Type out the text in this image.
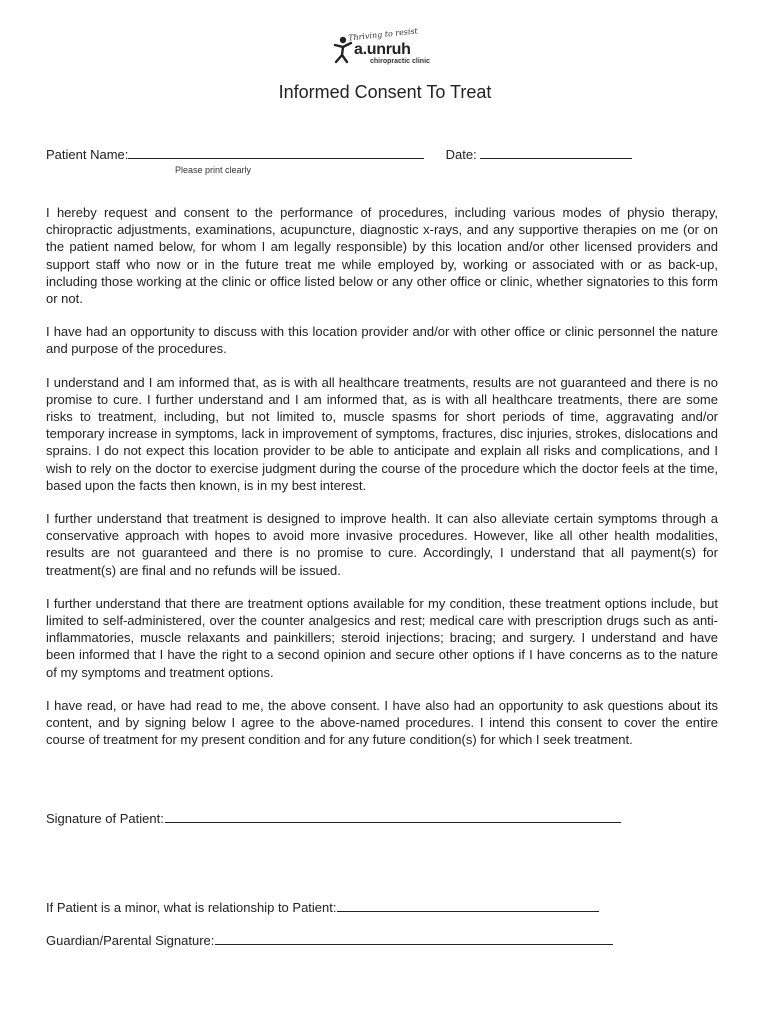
Thriving to resist
a.unruh
chiropractic clinic
Informed Consent To Treat
Patient Name:	Date:
Please print clearly

I hereby request and consent to the performance of procedures, including various modes of physio therapy, chiropractic adjustments, examinations, acupuncture, diagnostic x-rays, and any supportive therapies on me (or on the patient named below, for whom I am legally responsible) by this location and/or other licensed providers and support staff who now or in the future treat me while employed by, working or associated with or as back-up, including those working at the clinic or office listed below or any other office or clinic, whether signatories to this form or not.

I have had an opportunity to discuss with this location provider and/or with other office or clinic personnel the nature and purpose of the procedures.

I understand and I am informed that, as is with all healthcare treatments, results are not guaranteed and there is no promise to cure. I further understand and I am informed that, as is with all healthcare treatments, there are some risks to treatment, including, but not limited to, muscle spasms for short periods of time, aggravating and/or temporary increase in symptoms, lack in improvement of symptoms, fractures, disc injuries, strokes, dislocations and sprains. I do not expect this location provider to be able to anticipate and explain all risks and complications, and I wish to rely on the doctor to exercise judgment during the course of the procedure which the doctor feels at the time, based upon the facts then known, is in my best interest.

I further understand that treatment is designed to improve health. It can also alleviate certain symptoms through a conservative approach with hopes to avoid more invasive procedures. However, like all other health modalities, results are not guaranteed and there is no promise to cure. Accordingly, I understand that all payment(s) for treatment(s) are final and no refunds will be issued.

I further understand that there are treatment options available for my condition, these treatment options include, but limited to self-administered, over the counter analgesics and rest; medical care with prescription drugs such as anti-inflammatories, muscle relaxants and painkillers; steroid injections; bracing; and surgery. I understand and have been informed that I have the right to a second opinion and secure other options if I have concerns as to the nature of my symptoms and treatment options.

I have read, or have had read to me, the above consent. I have also had an opportunity to ask questions about its content, and by signing below I agree to the above-named procedures. I intend this consent to cover the entire course of treatment for my present condition and for any future condition(s) for which I seek treatment.

Signature of Patient:
If Patient is a minor, what is relationship to Patient:
Guardian/Parental Signature:
